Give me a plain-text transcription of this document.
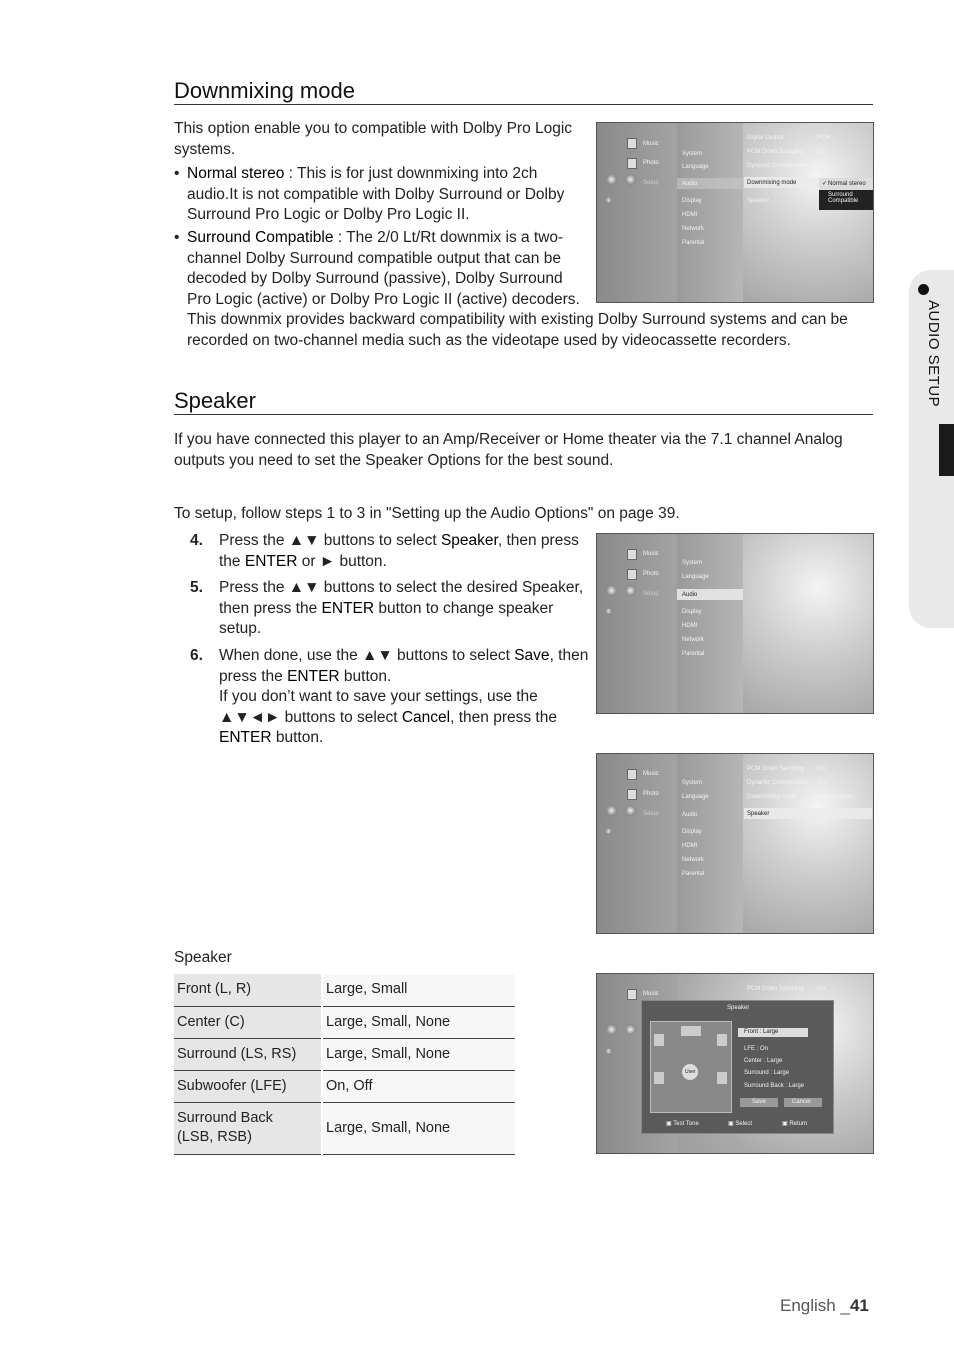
Downmixing mode
This option enable you to compatible with Dolby Pro Logic systems.
• Normal stereo : This is for just downmixing into 2ch audio.It is not compatible with Dolby Surround or Dolby Surround Pro Logic or Dolby Pro Logic II.
• Surround Compatible : The 2/0 Lt/Rt downmix is a two-channel Dolby Surround compatible output that can be decoded by Dolby Surround (passive), Dolby Surround Pro Logic (active) or Dolby Pro Logic II (active) decoders.
This downmix provides backward compatibility with existing Dolby Surround systems and can be recorded on two-channel media such as the videotape used by videocassette recorders.
Music
Photo
Setup
⊕
System
Language
Audio
Display
HDMI
Network
Parental
Digital Output	PCM
PCM Down Sampling On
Dynamic Compression On
Downmixing mode
Speaker
✓ Normal stereo
Surround Compatible
Speaker
If you have connected this player to an Amp/Receiver or Home theater via the 7.1 channel Analog outputs you need to set the Speaker Options for the best sound.
To setup, follow steps 1 to 3 in "Setting up the Audio Options" on page 39.
4. Press the ▲▼ buttons to select Speaker, then press the ENTER or ► button.
5. Press the ▲▼ buttons to select the desired Speaker, then press the ENTER button to change speaker setup.
6. When done, use the ▲▼ buttons to select Save, then press the ENTER button.
If you don’t want to save your settings, use the ▲▼◄► buttons to select Cancel, then press the ENTER button.
Music
Photo
Setup
⊕
System
Language
Audio
Display
HDMI
Network
Parental
Music
Photo
Setup
⊕
System
Language
Audio
Display
HDMI
Network
Parental
PCM Down Sampling On
Dynamic Compression On
Downmixing mode	Normal stereo
Speaker
Speaker
Front (L, R)	Large, Small
Center (C)	Large, Small, None
Surround (LS, RS)	Large, Small, None
Subwoofer (LFE)	On, Off
Surround Back
(LSB, RSB)	Large, Small, None
Music
⊕
PCM Down Sampling On
Speaker
User
Front : Large
LFE : On
Center : Large
Surround : Large
Surround Back : Large
Save	Cancel
▣ Test Tone	▣ Select	▣ Return
AUDIO SETUP
English _41
